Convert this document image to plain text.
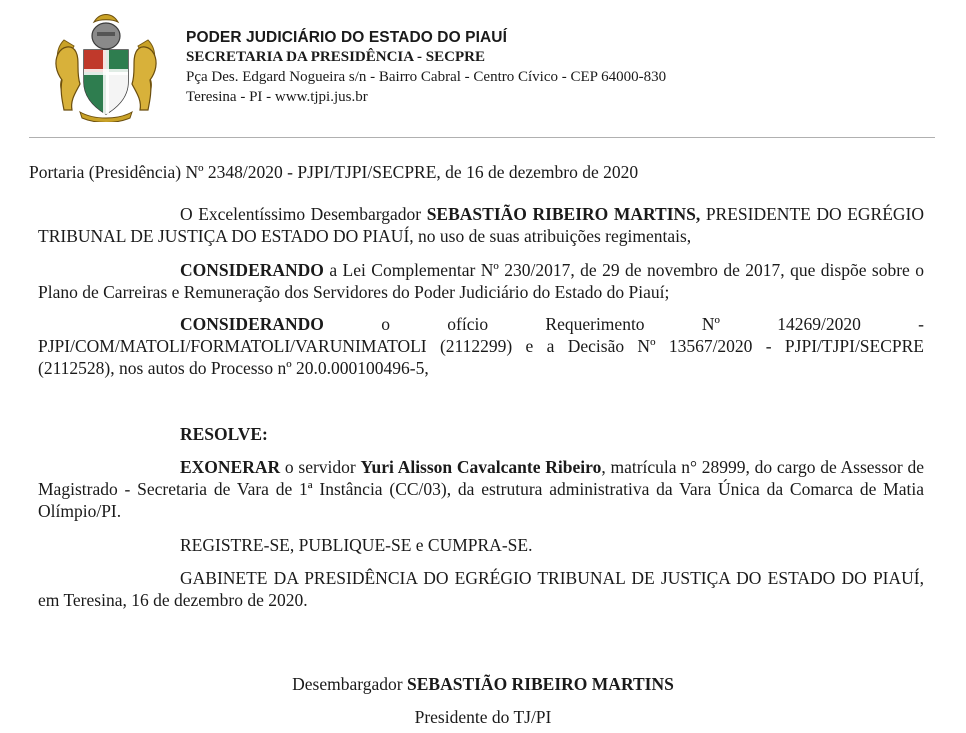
PODER JUDICIÁRIO DO ESTADO DO PIAUÍ
SECRETARIA DA PRESIDÊNCIA - SECPRE
Pça Des. Edgard Nogueira s/n - Bairro Cabral - Centro Cívico - CEP 64000-830
Teresina - PI - www.tjpi.jus.br
Portaria (Presidência) Nº 2348/2020 - PJPI/TJPI/SECPRE, de 16 de dezembro de 2020

O Excelentíssimo Desembargador SEBASTIÃO RIBEIRO MARTINS, PRESIDENTE DO EGRÉGIO TRIBUNAL DE JUSTIÇA DO ESTADO DO PIAUÍ, no uso de suas atribuições regimentais,

CONSIDERANDO a Lei Complementar Nº 230/2017, de 29 de novembro de 2017, que dispõe sobre o Plano de Carreiras e Remuneração dos Servidores do Poder Judiciário do Estado do Piauí;

CONSIDERANDO o ofício Requerimento Nº 14269/2020 - PJPI/COM/MATOLI/FORMATOLI/VARUNIMATOLI (2112299) e a Decisão Nº 13567/2020 - PJPI/TJPI/SECPRE (2112528), nos autos do Processo nº 20.0.000100496-5,

RESOLVE:

EXONERAR o servidor Yuri Alisson Cavalcante Ribeiro, matrícula n° 28999, do cargo de Assessor de Magistrado - Secretaria de Vara de 1ª Instância (CC/03), da estrutura administrativa da Vara Única da Comarca de Matia Olímpio/PI.

REGISTRE-SE, PUBLIQUE-SE e CUMPRA-SE.

GABINETE DA PRESIDÊNCIA DO EGRÉGIO TRIBUNAL DE JUSTIÇA DO ESTADO DO PIAUÍ, em Teresina, 16 de dezembro de 2020.

Desembargador SEBASTIÃO RIBEIRO MARTINS
Presidente do TJ/PI
